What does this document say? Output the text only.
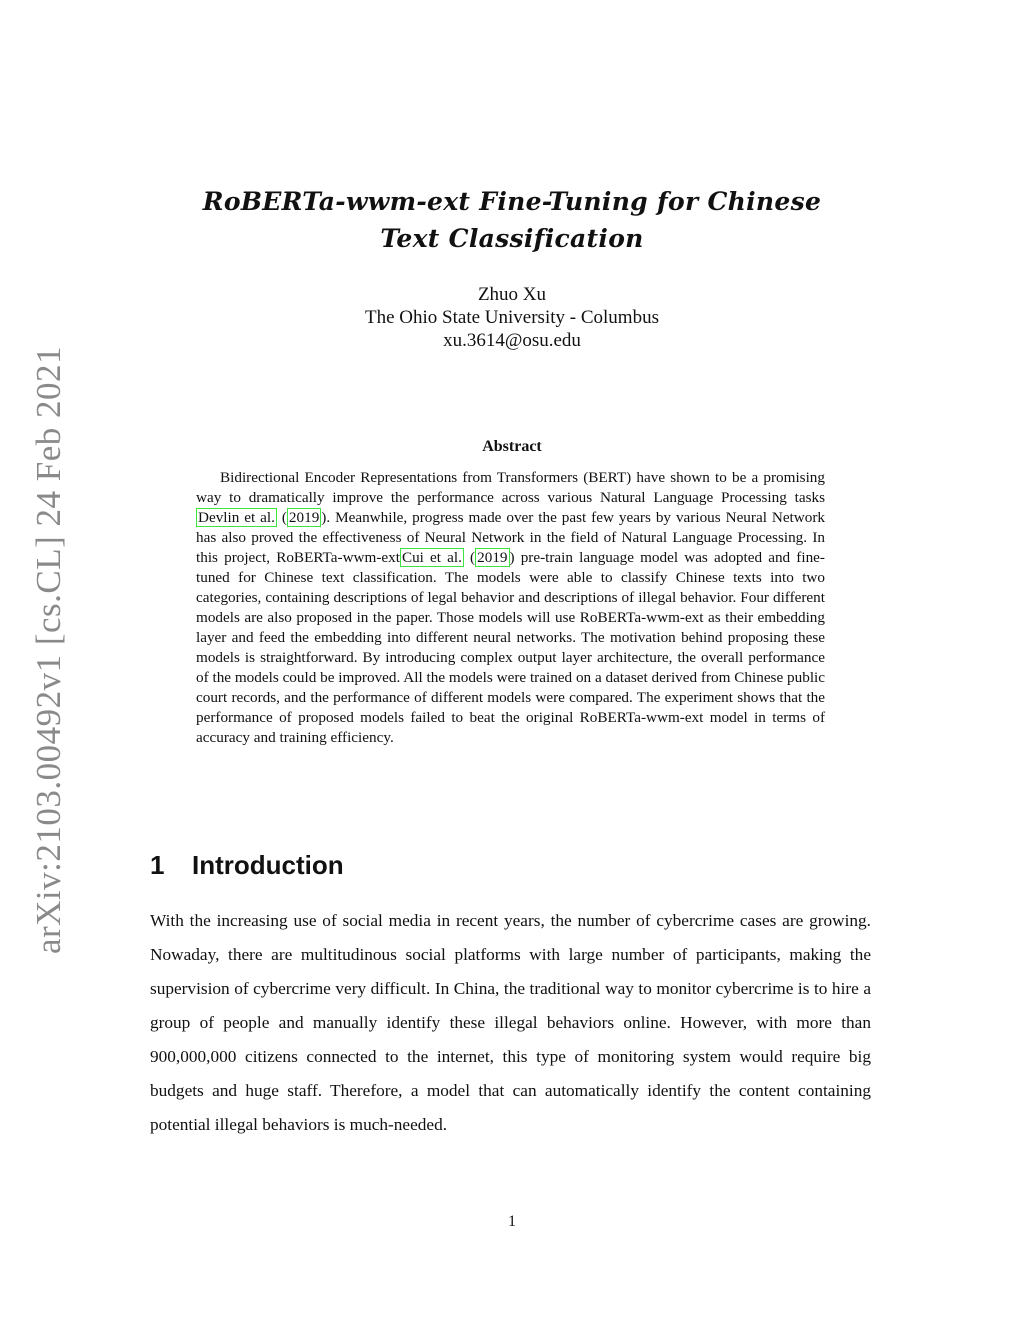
arXiv:2103.00492v1 [cs.CL] 24 Feb 2021
RoBERTa-wwm-ext Fine-Tuning for Chinese
Text Classification
Zhuo Xu
The Ohio State University - Columbus
xu.3614@osu.edu
Abstract

Bidirectional Encoder Representations from Transformers (BERT) have shown to be a promising way to dramatically improve the performance across various Natural Language Processing tasks Devlin et al. ( 2019 ). Meanwhile, progress made over the past few years by various Neural Network has also proved the effectiveness of Neural Network in the field of Natural Language Processing. In this project, RoBERTa-wwm-ext Cui et al. ( 2019 ) pre-train language model was adopted and fine-tuned for Chinese text classification. The models were able to classify Chinese texts into two categories, containing descriptions of legal behavior and descriptions of illegal behavior. Four different models are also proposed in the paper. Those models will use RoBERTa-wwm-ext as their embedding layer and feed the embedding into different neural networks. The motivation behind proposing these models is straightforward. By introducing complex output layer architecture, the overall performance of the models could be improved. All the models were trained on a dataset derived from Chinese public court records, and the performance of different models were compared. The experiment shows that the performance of proposed models failed to beat the original RoBERTa-wwm-ext model in terms of accuracy and training efficiency.

1 Introduction

With the increasing use of social media in recent years, the number of cybercrime cases are growing. Nowaday, there are multitudinous social platforms with large number of participants, making the supervision of cybercrime very difficult. In China, the traditional way to monitor cybercrime is to hire a group of people and manually identify these illegal behaviors online. However, with more than 900,000,000 citizens connected to the internet, this type of monitoring system would require big budgets and huge staff. Therefore, a model that can automatically identify the content containing potential illegal behaviors is much-needed.

1
